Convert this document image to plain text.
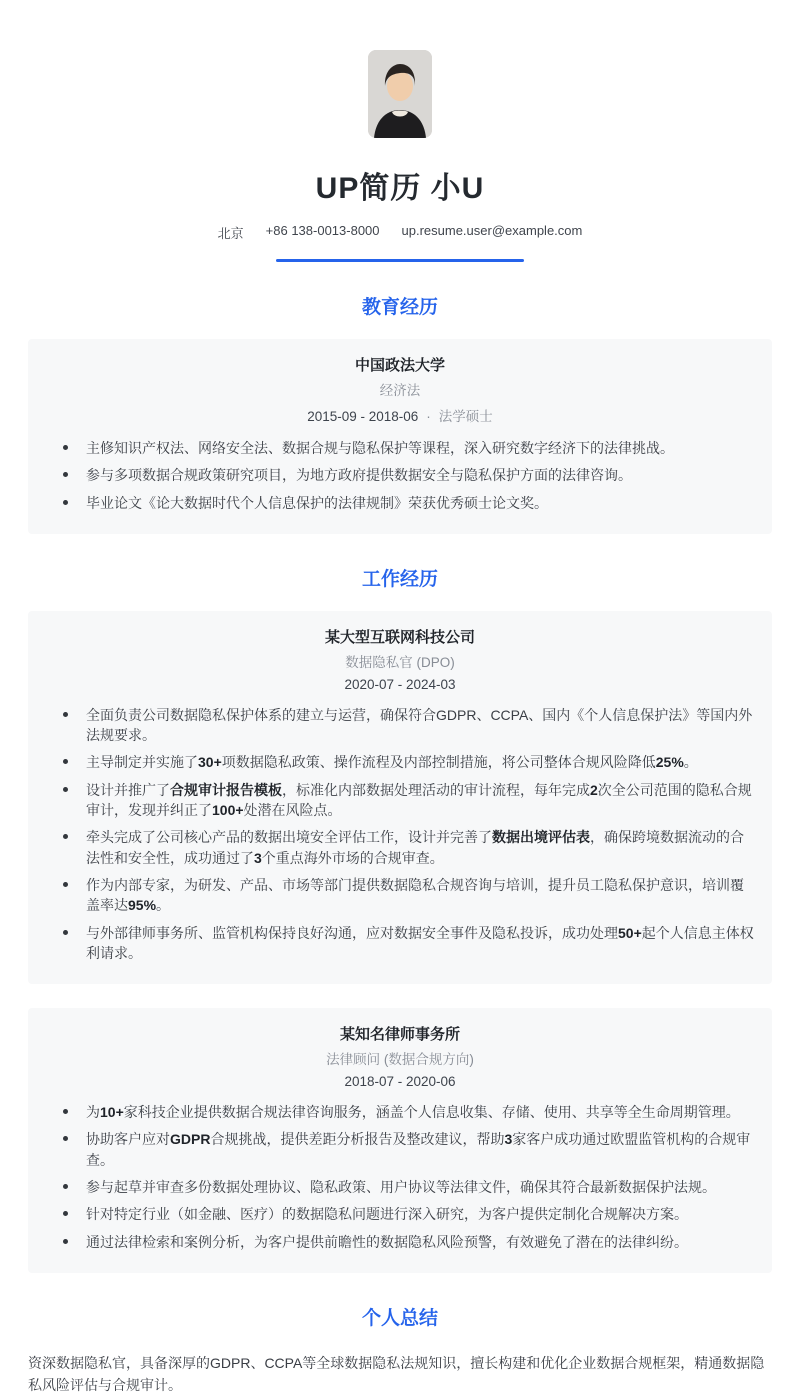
UP简历 小U
北京 +86 138-0013-8000 up.resume.user@example.com
教育经历
中国政法大学
经济法
2015-09 - 2018-06 · 法学硕士
主修知识产权法、网络安全法、数据合规与隐私保护等课程，深入研究数字经济下的法律挑战。
参与多项数据合规政策研究项目，为地方政府提供数据安全与隐私保护方面的法律咨询。
毕业论文《论大数据时代个人信息保护的法律规制》荣获优秀硕士论文奖。
工作经历
某大型互联网科技公司
数据隐私官 (DPO)
2020-07 - 2024-03
全面负责公司数据隐私保护体系的建立与运营，确保符合GDPR、CCPA、国内《个人信息保护法》等国内外法规要求。
主导制定并实施了30+项数据隐私政策、操作流程及内部控制措施，将公司整体合规风险降低25%。
设计并推广了合规审计报告模板，标准化内部数据处理活动的审计流程，每年完成2次全公司范围的隐私合规审计，发现并纠正了100+处潜在风险点。
牵头完成了公司核心产品的数据出境安全评估工作，设计并完善了数据出境评估表，确保跨境数据流动的合法性和安全性，成功通过了3个重点海外市场的合规审查。
作为内部专家，为研发、产品、市场等部门提供数据隐私合规咨询与培训，提升员工隐私保护意识，培训覆盖率达95%。
与外部律师事务所、监管机构保持良好沟通，应对数据安全事件及隐私投诉，成功处理50+起个人信息主体权利请求。
某知名律师事务所
法律顾问 (数据合规方向)
2018-07 - 2020-06
为10+家科技企业提供数据合规法律咨询服务，涵盖个人信息收集、存储、使用、共享等全生命周期管理。
协助客户应对GDPR合规挑战，提供差距分析报告及整改建议，帮助3家客户成功通过欧盟监管机构的合规审查。
参与起草并审查多份数据处理协议、隐私政策、用户协议等法律文件，确保其符合最新数据保护法规。
针对特定行业（如金融、医疗）的数据隐私问题进行深入研究，为客户提供定制化合规解决方案。
通过法律检索和案例分析，为客户提供前瞻性的数据隐私风险预警，有效避免了潜在的法律纠纷。
个人总结
资深数据隐私官，具备深厚的GDPR、CCPA等全球数据隐私法规知识，擅长构建和优化企业数据合规框架，精通数据隐私风险评估与合规审计。
